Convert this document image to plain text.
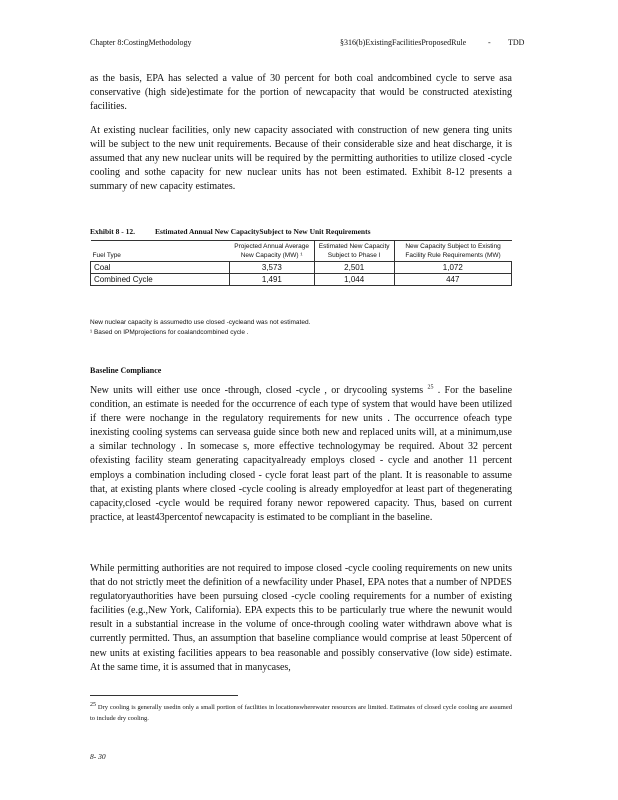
Chapter 8:CostingMethodology	§316(b)ExistingFacilitiesProposedRule	- TDD

as the basis, EPA has selected a value of 30 percent for both coal andcombined cycle to serve asa conservative (high side)estimate for the portion of newcapacity that would be constructed atexisting facilities.

At existing nuclear facilities, only new capacity associated with construction of new genera ting units will be subject to the new unit requirements. Because of their considerable size and heat discharge, it is assumed that any new nuclear units will be required by the permitting authorities to utilize closed -cycle cooling and sothe capacity for new nuclear units has not been estimated. Exhibit 8-12 presents a summary of new capacity estimates.

Exhibit 8 - 12.	Estimated Annual New CapacitySubject to New Unit Requirements
Fuel Type	Projected Annual Average New Capacity (MW) ¹	Estimated New Capacity Subject to Phase I	New Capacity Subject to Existing Facility Rule Requirements (MW)
Coal	3,573	2,501	1,072
Combined Cycle	1,491	1,044	447
New nuclear capacity is assumedto use closed -cycleand was not estimated.
¹ Based on IPMprojections for coalandcombined cycle .
Baseline Compliance

New units will either use once -through, closed -cycle , or drycooling systems $^{25}$ . For the baseline condition, an estimate is needed for the occurrence of each type of system that would have been utilized if there were nochange in the regulatory requirements for new units . The occurrence ofeach type inexisting cooling systems can serveasa guide since both new and replaced units will, at a minimum,use a similar technology . In somecase s, more effective technologymay be required. About 32 percent ofexisting facility steam generating capacityalready employs closed - cycle and another 11 percent employs a combination including closed - cycle forat least part of the plant. It is reasonable to assume that, at existing plants where closed -cycle cooling is already employedfor at least part of thegenerating capacity,closed -cycle would be required forany newor repowered capacity. Thus, based on current practice, at least43percentof newcapacity is estimated to be compliant in the baseline.

While permitting authorities are not required to impose closed -cycle cooling requirements on new units that do not strictly meet the definition of a newfacility under PhaseI, EPA notes that a number of NPDES regulatoryauthorities have been pursuing closed -cycle cooling requirements for a number of existing facilities (e.g.,New York, California). EPA expects this to be particularly true where the newunit would result in a substantial increase in the volume of once-through cooling water withdrawn above what is currently permitted. Thus, an assumption that baseline compliance would comprise at least 50percent of new units at existing facilities appears to bea reasonable and possibly conservative (low side) estimate. At the same time, it is assumed that in manycases,

$^{25}$ Dry cooling is generally usedin only a small portion of facilities in locationswherewater resources are limited. Estimates of closed cycle cooling are assumed to include dry cooling.

8- 30
